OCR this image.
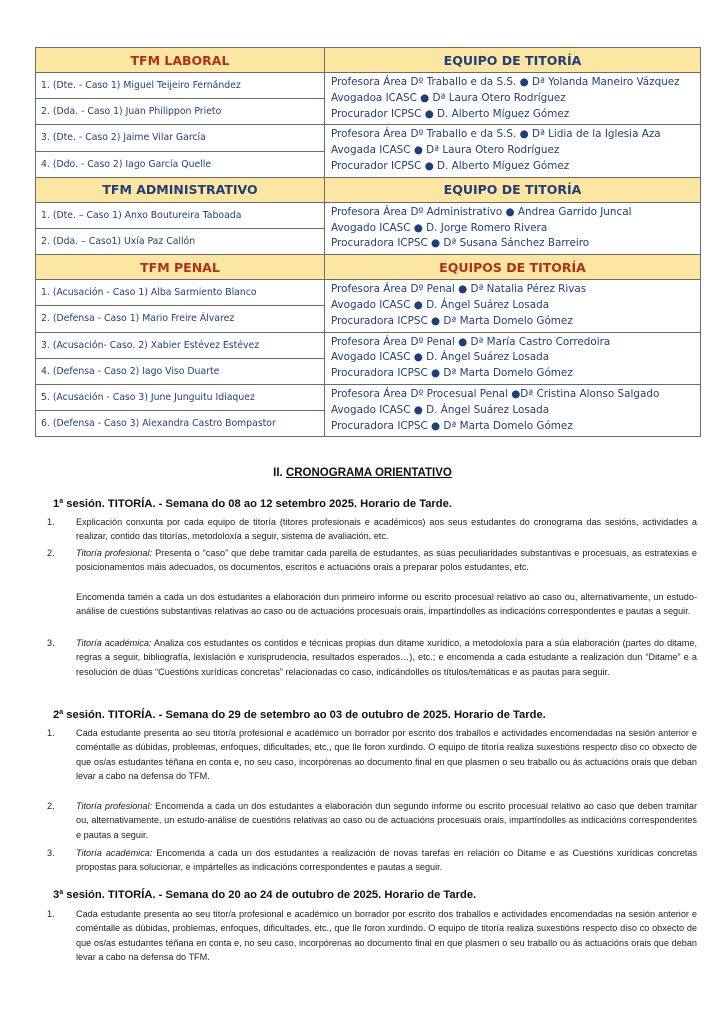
TFM LABORAL	EQUIPO DE TITORÍA
1. (Dte. - Caso 1) Miguel Teijeiro Fernández	Profesora Área Dº Traballo e da S.S. ● Dª Yolanda Maneiro Vázquez
Avogadoa ICASC ● Dª Laura Otero Rodríguez
Procurador ICPSC ● D. Alberto Míguez Gómez

2. (Dda. - Caso 1) Juan Philippon Prieto	
3. (Dte. - Caso 2) Jaime Vilar García	Profesora Área Dº Traballo e da S.S. ● Dª Lidia de la Iglesia Aza
Avogada ICASC ● Dª Laura Otero Rodríguez
Procurador ICPSC ● D. Alberto Míguez Gómez

4. (Ddo. - Caso 2) Iago García Quelle	
TFM ADMINISTRATIVO	EQUIPO DE TITORÍA
1. (Dte. – Caso 1) Anxo Boutureira Taboada	Profesora Área Dº Administrativo ● Andrea Garrido Juncal
Avogado ICASC ● D. Jorge Romero Rivera
Procuradora ICPSC ● Dª Susana Sánchez Barreiro

2. (Dda. – Caso1) Uxía Paz Callón	
TFM PENAL	EQUIPOS DE TITORÍA
1. (Acusación - Caso 1) Alba Sarmiento Blanco	Profesora Área Dº Penal ● Dª Natalia Pérez Rivas
Avogado ICASC ● D. Ángel Suárez Losada
Procuradora ICPSC ● Dª Marta Domelo Gómez

2. (Defensa - Caso 1) Mario Freire Álvarez	
3. (Acusación- Caso. 2) Xabier Estévez Estévez	Profesora Área Dº Penal ● Dª María Castro Corredoira
Avogado ICASC ● D. Ángel Suárez Losada
Procuradora ICPSC ● Dª Marta Domelo Gómez

4. (Defensa - Caso 2) Iago Viso Duarte	
5. (Acusación - Caso 3) June Junguitu Idiaquez	Profesora Área Dº Procesual Penal ●Dª Cristina Alonso Salgado
Avogado ICASC ● D. Ángel Suárez Losada
Procuradora ICPSC ● Dª Marta Domelo Gómez

6. (Defensa - Caso 3) Alexandra Castro Bompastor	
II. CRONOGRAMA ORIENTATIVO
1$^a$ sesión. TITORÍA. - Semana do 08 ao 12 setembro 2025. Horario de Tarde.
1.	Explicación conxunta por cada equipo de titoría (titores profesionais e académicos) aos seus estudantes do cronograma das sesións, actividades a realizar, contido das titorías, metodoloxía a seguir, sistema de avaliación, etc.
2.	Titoría profesional: Presenta o “caso” que debe tramitar cada parella de estudantes, as súas peculiaridades substantivas e procesuais, as estratexias e posicionamentos máis adecuados, os documentos, escritos e actuacións orais a preparar polos estudantes, etc.
Encomenda tamén a cada un dos estudantes a elaboración dun primeiro informe ou escrito procesual relativo ao caso ou, alternativamente, un estudo-análise de cuestións substantivas relativas ao caso ou de actuacións procesuais orais, impartíndolles as indicacións correspondentes e pautas a seguir.
3.	Titoría académica: Analiza cos estudantes os contidos e técnicas propias dun ditame xurídico, a metodoloxía para a súa elaboración (partes do ditame, regras a seguir, bibliografía, lexislación e xurisprudencia, resultados esperados…), etc.; e encomenda a cada estudante a realización dun “Ditame” e a resolución de dúas “Cuestións xurídicas concretas” relacionadas co caso, indicándolles os títulos/temáticas e as pautas para seguir.
2$^a$ sesión. TITORÍA. - Semana do 29 de setembro ao 03 de outubro de 2025. Horario de Tarde.
1.	Cada estudante presenta ao seu titor/a profesional e académico un borrador por escrito dos traballos e actividades encomendadas na sesión anterior e coméntalle as dúbidas, problemas, enfoques, dificultades, etc., que lle foron xurdindo. O equipo de titoría realiza suxestións respecto diso co obxecto de que os/as estudantes téñana en conta e, no seu caso, incorpórenas ao documento final en que plasmen o seu traballo ou ás actuacións orais que deban levar a cabo na defensa do TFM.
2.	Titoría profesional: Encomenda a cada un dos estudantes a elaboración dun segundo informe ou escrito procesual relativo ao caso que deben tramitar ou, alternativamente, un estudo-análise de cuestións relativas ao caso ou de actuacións procesuais orais, impartíndolles as indicacións correspondentes e pautas a seguir.
3.	Titoría académica: Encomenda a cada un dos estudantes a realización de novas tarefas en relación co Ditame e as Cuestións xurídicas concretas propostas para solucionar, e impártelles as indicacións correspondentes e pautas a seguir.
3$^a$ sesión. TITORÍA. - Semana do 20 ao 24 de outubro de 2025. Horario de Tarde.
1.	Cada estudante presenta ao seu titor/a profesional e académico un borrador por escrito dos traballos e actividades encomendadas na sesión anterior e coméntalle as dúbidas, problemas, enfoques, dificultades, etc., que lle foron xurdindo. O equipo de titoría realiza suxestións respecto diso co obxecto de que os/as estudantes téñana en conta e, no seu caso, incorpórenas ao documento final en que plasmen o seu traballo ou ás actuacións orais que deban levar a cabo na defensa do TFM.
